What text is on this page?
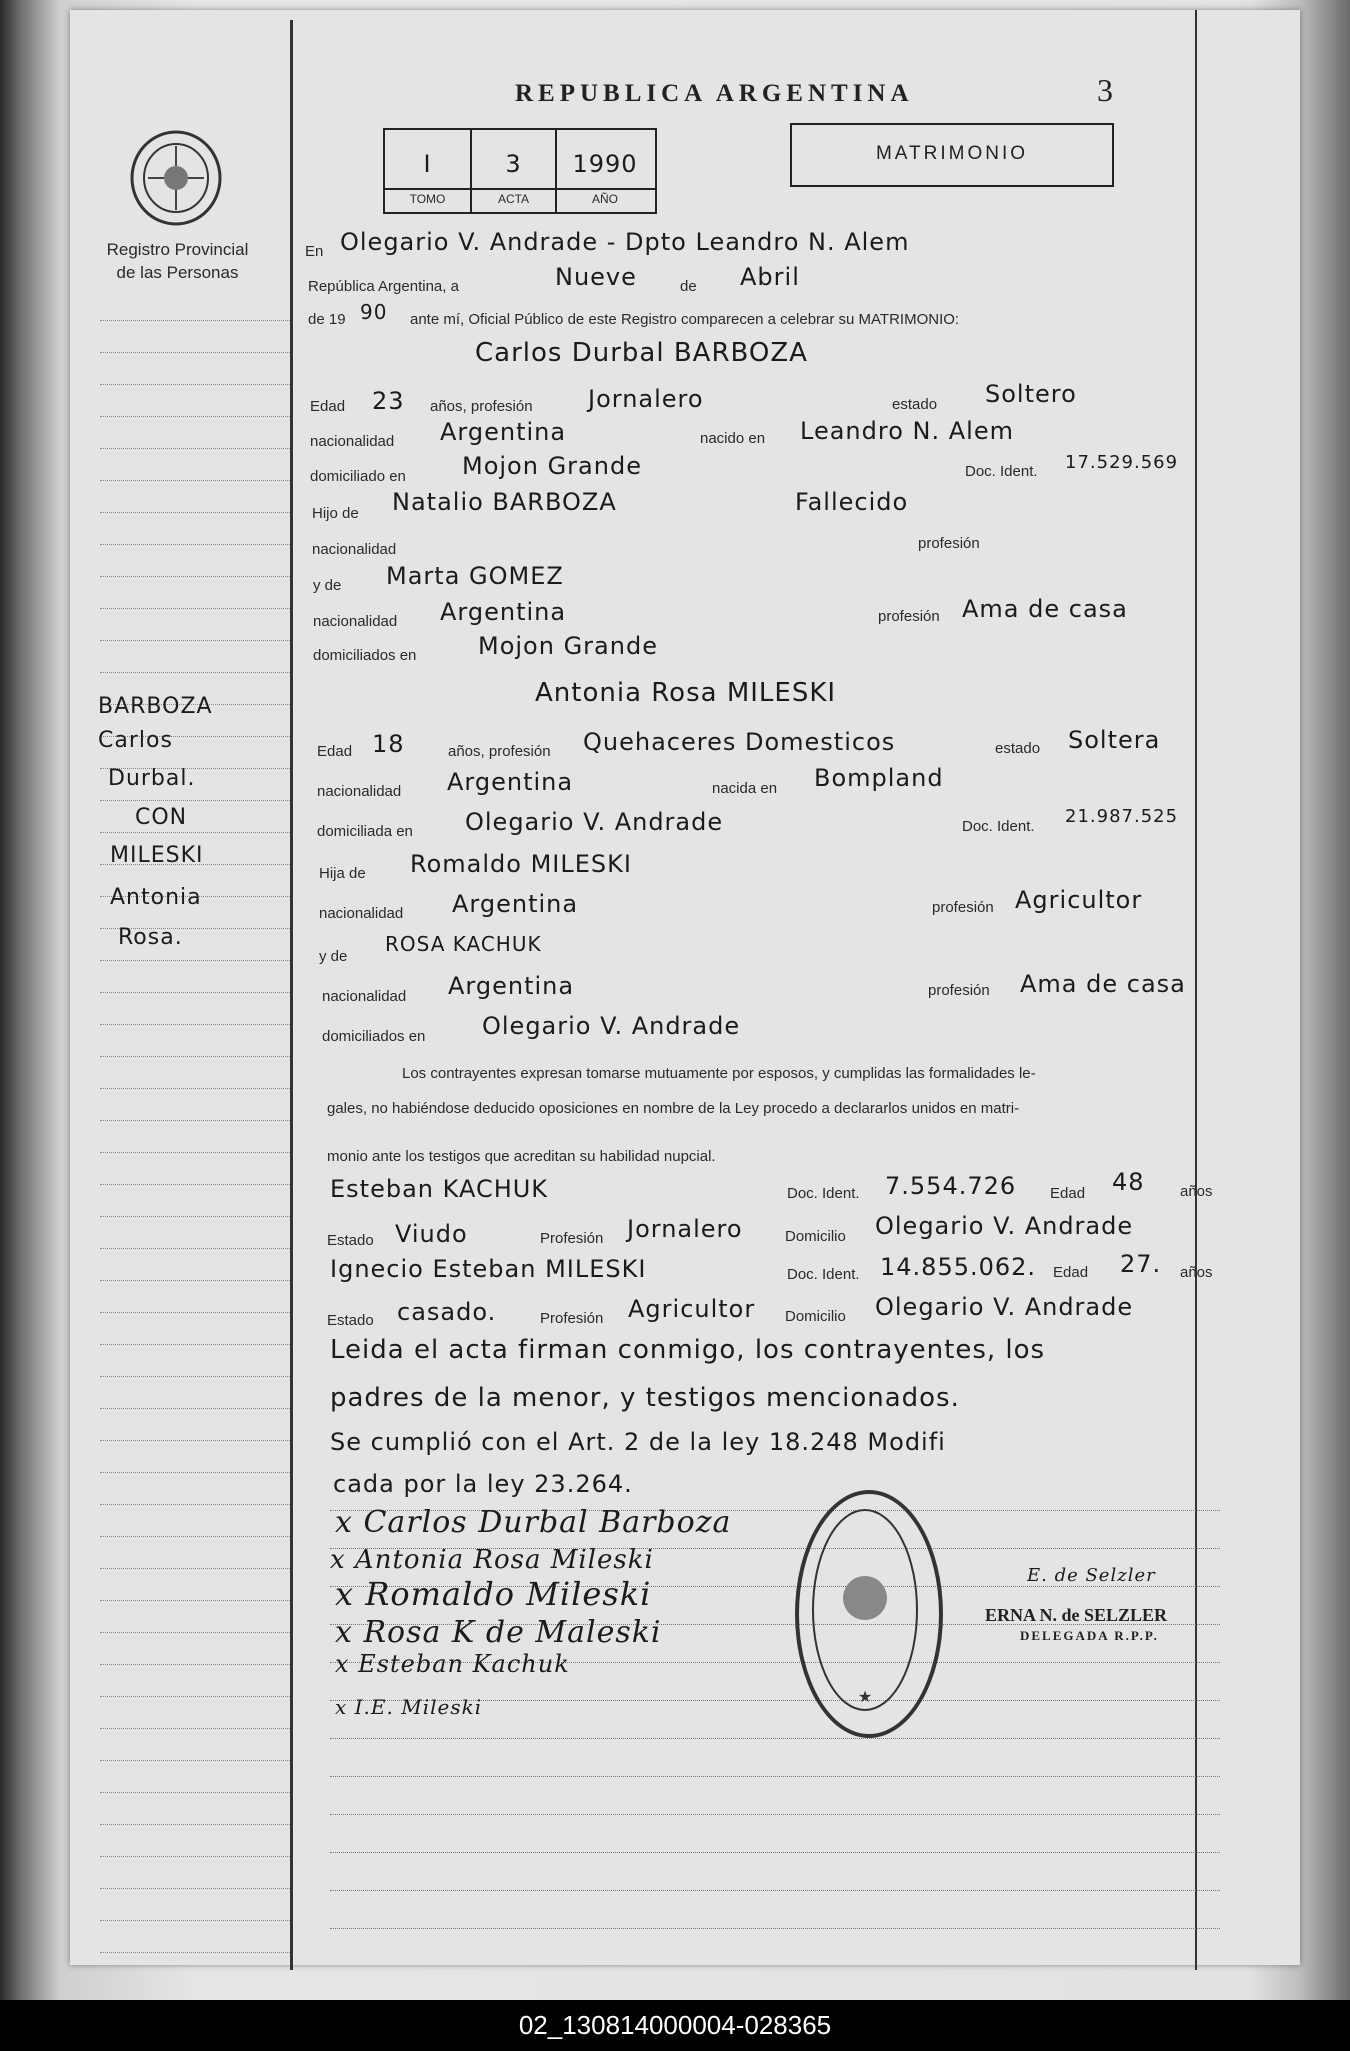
Registro Provincial
de las Personas
REPUBLICA ARGENTINA	3
MATRIMONIO
I	3	1990
TOMO	ACTA	AÑO
En Olegario V. Andrade - Dpto Leandro N. Alem
República Argentina, a	Nueve	de Abril
de 19 90 ante mí, Oficial Público de este Registro comparecen a celebrar su MATRIMONIO:
Carlos Durbal BARBOZA
Edad 23 años, profesión Jornalero	estado Soltero
nacionalidad Argentina	nacido en Leandro N. Alem
domiciliado en Mojon Grande	Doc. Ident. 17.529.569
Hijo de Natalio BARBOZA	Fallecido
nacionalidad	profesión
y de Marta GOMEZ
nacionalidad Argentina	profesión Ama de casa
domiciliados en	Mojon Grande
Antonia Rosa MILESKI
Edad 18	años, profesión Quehaceres Domesticos	estado Soltera
nacionalidad Argentina	nacida en Bompland
domiciliada en Olegario V. Andrade	Doc. Ident. 21.987.525
Hija de Romaldo MILESKI
nacionalidad Argentina	profesión Agricultor
y de
ROSA KACHUK
nacionalidad Argentina	profesión Ama de casa
domiciliados en Olegario V. Andrade
Los contrayentes expresan tomarse mutuamente por esposos, y cumplidas las formalidades le-
gales, no habiéndose deducido oposiciones en nombre de la Ley procedo a declararlos unidos en matri-
monio ante los testigos que acreditan su habilidad nupcial.
Esteban KACHUK	Doc. Ident. 7.554.726 Edad 48 años
Estado Viudo	Profesión Jornalero	Domicilio Olegario V. Andrade
Ignecio Esteban MILESKI	Doc. Ident. 14.855.062. Edad 27. años
Estado casado.	Profesión Agricultor Domicilio Olegario V. Andrade
Leida el acta firman conmigo, los contrayentes, los
padres de la menor, y testigos mencionados.
Se cumplió con el Art. 2 de la ley 18.248 Modifi
cada por la ley 23.264.
x Carlos Durbal Barboza
x Antonia Rosa Mileski
x Romaldo Mileski
x Rosa K de Maleski
x Esteban Kachuk
x I.E. Mileski	★
E. de Selzler
ERNA N. de SELZLER
DELEGADA R.P.P.
BARBOZA
Carlos
Durbal.
CON
MILESKI
Antonia
Rosa.
02_130814000004-028365
